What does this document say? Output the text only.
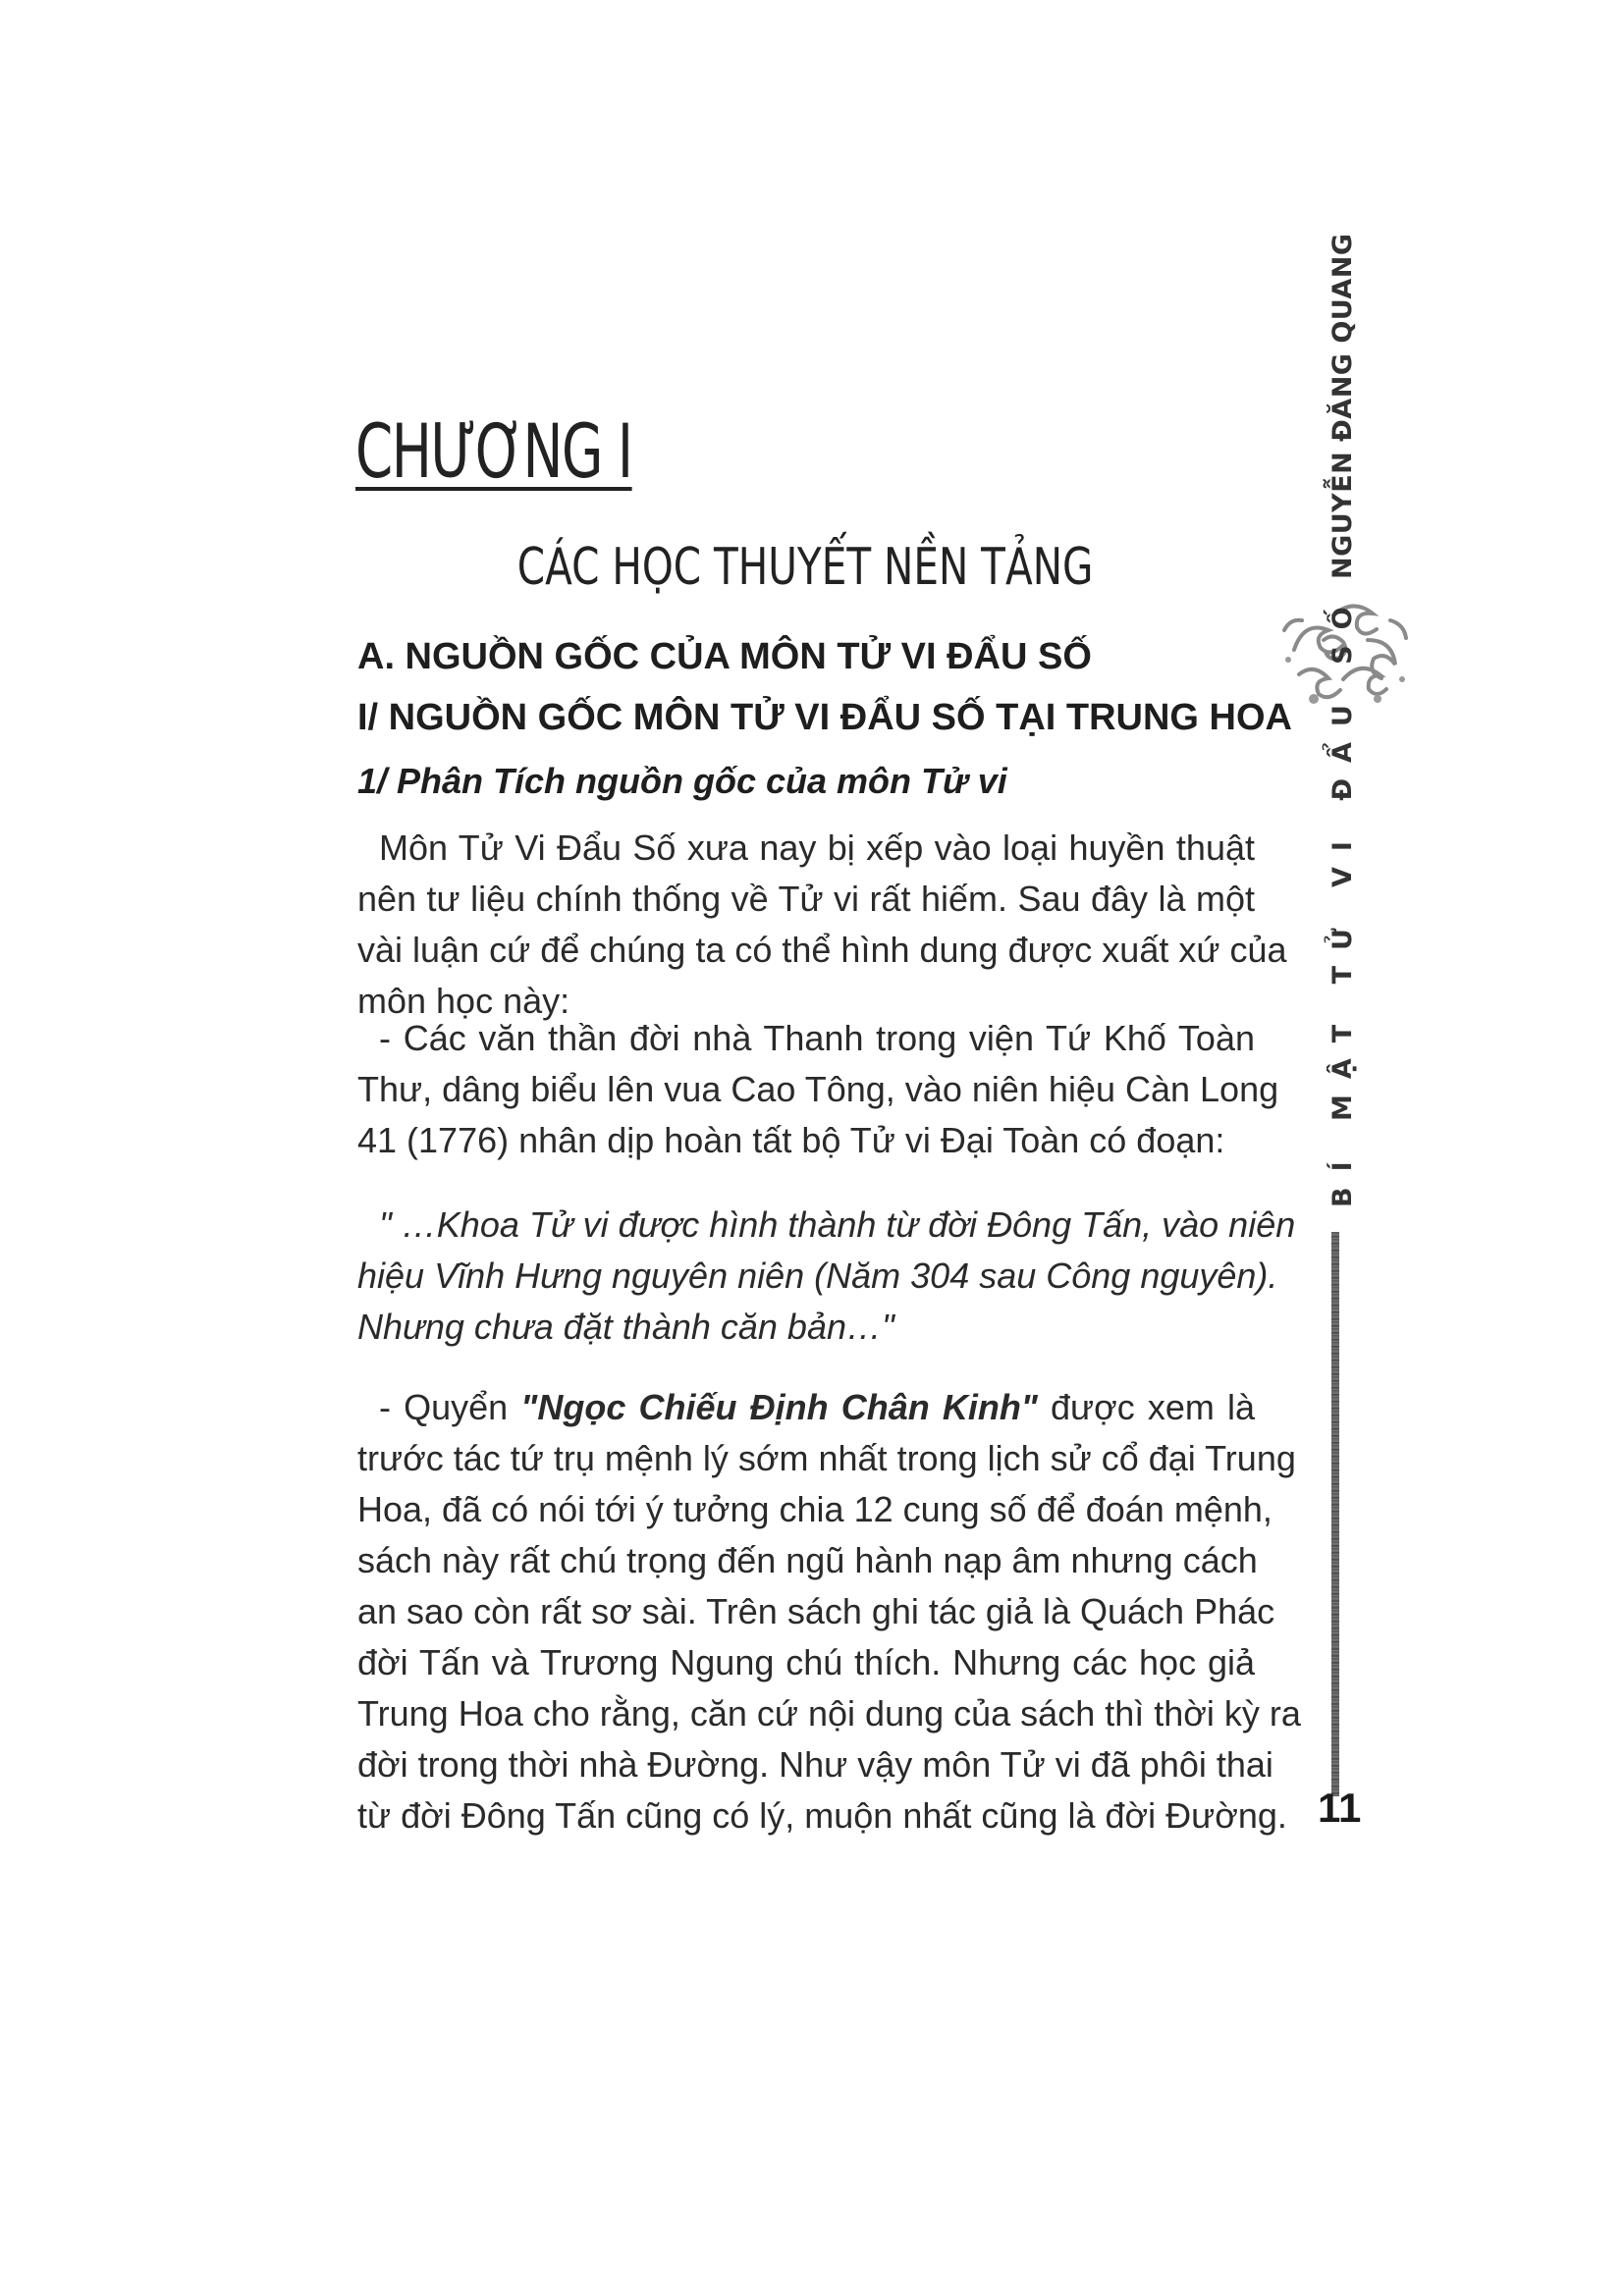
CHƯƠNG I
CÁC HỌC THUYẾT NỀN TẢNG
A. NGUỒN GỐC CỦA MÔN TỬ VI ĐẨU SỐ
I/ NGUỒN GỐC MÔN TỬ VI ĐẨU SỐ TẠI TRUNG HOA
1/ Phân Tích nguồn gốc của môn Tử vi

Môn Tử Vi Đẩu Số xưa nay bị xếp vào loại huyền thuật
nên tư liệu chính thống về Tử vi rất hiếm. Sau đây là một
vài luận cứ để chúng ta có thể hình dung được xuất xứ của
môn học này:

- Các văn thần đời nhà Thanh trong viện Tứ Khố Toàn
Thư, dâng biểu lên vua Cao Tông, vào niên hiệu Càn Long
41 (1776) nhân dịp hoàn tất bộ Tử vi Đại Toàn có đoạn:

" …Khoa Tử vi được hình thành từ đời Đông Tấn, vào niên
hiệu Vĩnh Hưng nguyên niên (Năm 304 sau Công nguyên).
Nhưng chưa đặt thành căn bản…"

- Quyển "Ngọc Chiếu Định Chân Kinh" được xem là
trước tác tứ trụ mệnh lý sớm nhất trong lịch sử cổ đại Trung
Hoa, đã có nói tới ý tưởng chia 12 cung số để đoán mệnh,
sách này rất chú trọng đến ngũ hành nạp âm nhưng cách
an sao còn rất sơ sài. Trên sách ghi tác giả là Quách Phác
đời Tấn và Trương Ngung chú thích. Nhưng các học giả
Trung Hoa cho rằng, căn cứ nội dung của sách thì thời kỳ ra
đời trong thời nhà Đường. Như vậy môn Tử vi đã phôi thai
từ đời Đông Tấn cũng có lý, muộn nhất cũng là đời Đường.

NGUYỄN ĐĂNG QUANG
BÍ MẬT TỬ VI ĐẨU SỐ
11
